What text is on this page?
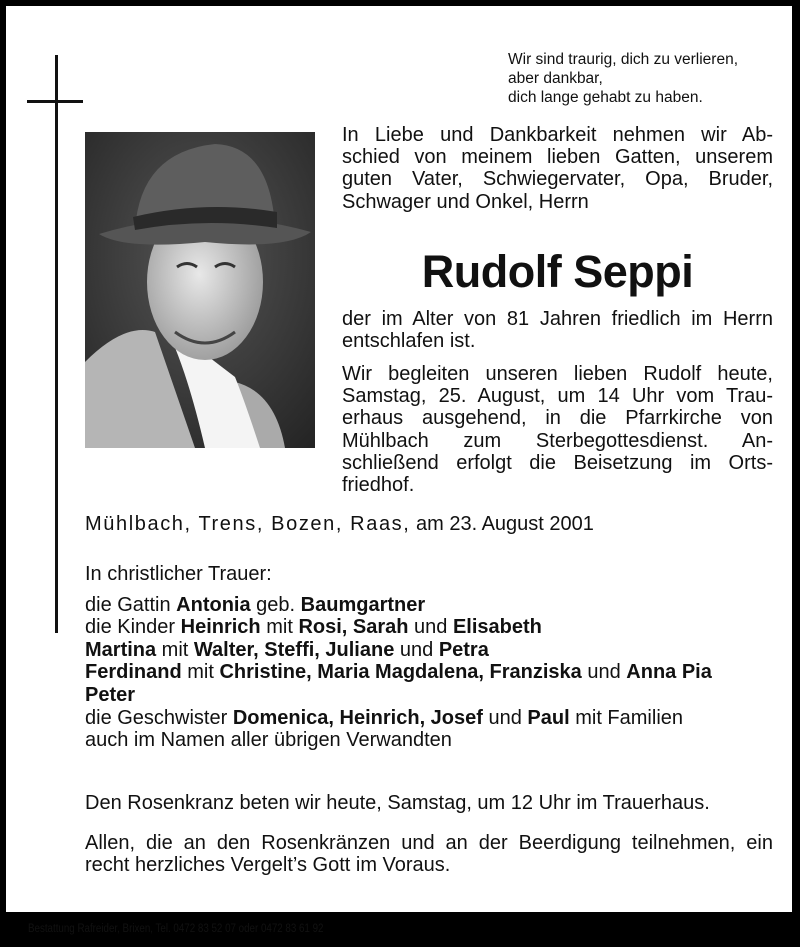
Wir sind traurig, dich zu verlieren,
aber dankbar,
dich lange gehabt zu haben.
In Liebe und Dankbarkeit nehmen wir Ab-
schied von meinem lieben Gatten, unserem
guten Vater, Schwiegervater, Opa, Bruder,
Schwager und Onkel, Herrn
Rudolf Seppi
der im Alter von 81 Jahren friedlich im Herrn
entschlafen ist.
Wir begleiten unseren lieben Rudolf heute,
Samstag, 25. August, um 14 Uhr vom Trau-
erhaus ausgehend, in die Pfarrkirche von
Mühlbach zum Sterbegottesdienst. An-
schließend erfolgt die Beisetzung im Orts-
friedhof.
Mühlbach, Trens, Bozen, Raas, am 23. August 2001
In christlicher Trauer:
die Gattin Antonia geb. Baumgartner
die Kinder Heinrich mit Rosi, Sarah und Elisabeth
Martina mit Walter, Steffi, Juliane und Petra
Ferdinand mit Christine, Maria Magdalena, Franziska und Anna Pia
Peter
die Geschwister Domenica, Heinrich, Josef und Paul mit Familien
auch im Namen aller übrigen Verwandten
Den Rosenkranz beten wir heute, Samstag, um 12 Uhr im Trauerhaus.
Allen, die an den Rosenkränzen und an der Beerdigung teilnehmen, ein
recht herzliches Vergelt’s Gott im Voraus.
Bestattung Rafreider, Brixen, Tel. 0472 83 52 07 oder 0472 83 61 92
